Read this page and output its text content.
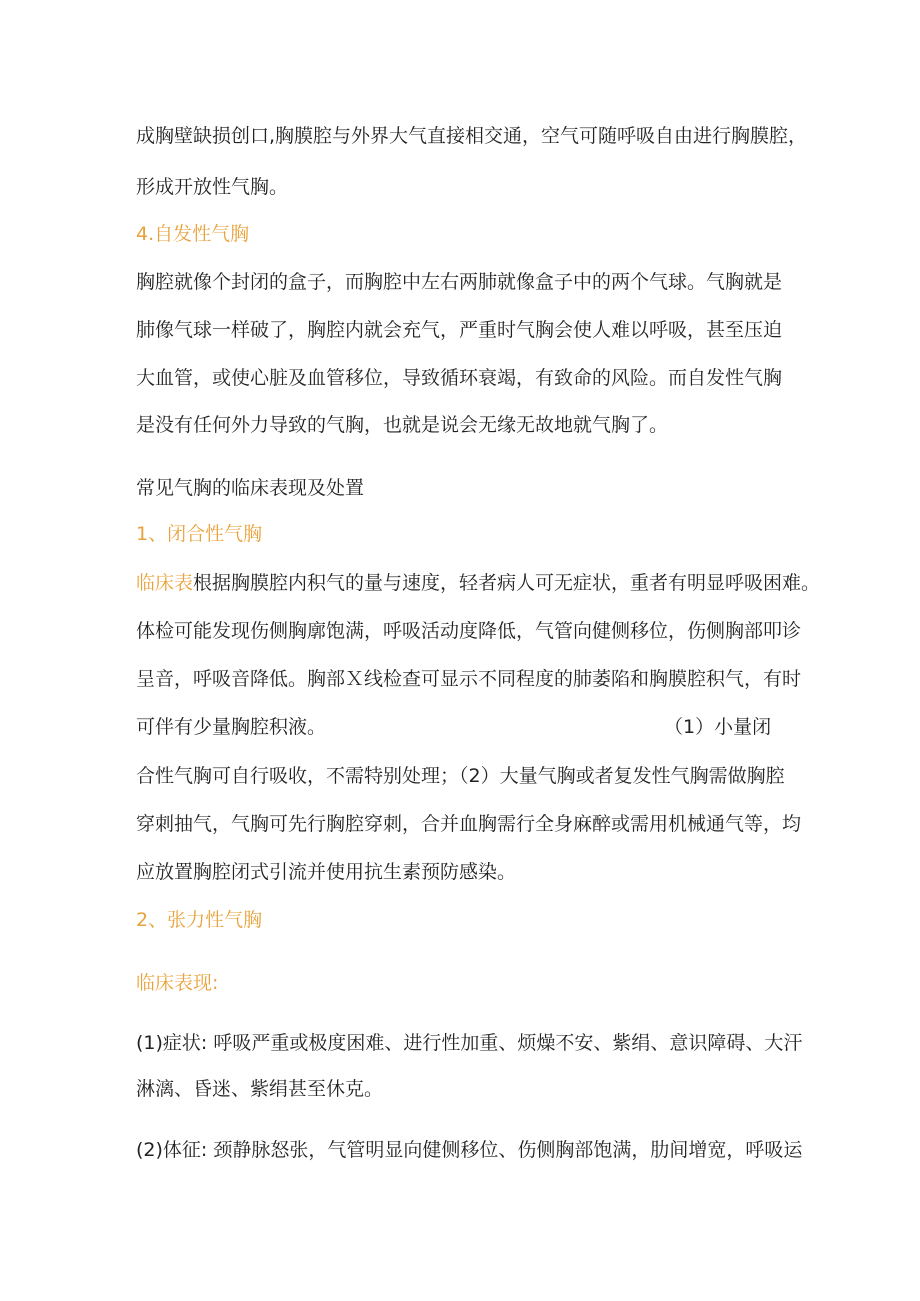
成胸壁缺损创口,胸膜腔与外界大气直接相交通，空气可随呼吸自由进行胸膜腔，
形成开放性气胸。
4.自发性气胸
胸腔就像个封闭的盒子，而胸腔中左右两肺就像盒子中的两个气球。气胸就是
肺像气球一样破了，胸腔内就会充气，严重时气胸会使人难以呼吸，甚至压迫
大血管，或使心脏及血管移位，导致循环衰竭，有致命的风险。而自发性气胸
是没有任何外力导致的气胸，也就是说会无缘无故地就气胸了。
常见气胸的临床表现及处置
1、闭合性气胸
临床表根据胸膜腔内积气的量与速度，轻者病人可无症状，重者有明显呼吸困难。
体检可能发现伤侧胸廓饱满，呼吸活动度降低，气管向健侧移位，伤侧胸部叩诊
呈音，呼吸音降低。胸部Ｘ线检查可显示不同程度的肺萎陷和胸膜腔积气，有时
可伴有少量胸腔积液。	（1）小量闭
合性气胸可自行吸收，不需特别处理；（2）大量气胸或者复发性气胸需做胸腔
穿刺抽气，气胸可先行胸腔穿刺，合并血胸需行全身麻醉或需用机械通气等，均
应放置胸腔闭式引流并使用抗生素预防感染。
2、张力性气胸
临床表现:
(1)症状: 呼吸严重或极度困难、进行性加重、烦燥不安、紫绢、意识障碍、大汗
淋漓、昏迷、紫绢甚至休克。
(2)体征: 颈静脉怒张，气管明显向健侧移位、伤侧胸部饱满，肋间增宽，呼吸运
